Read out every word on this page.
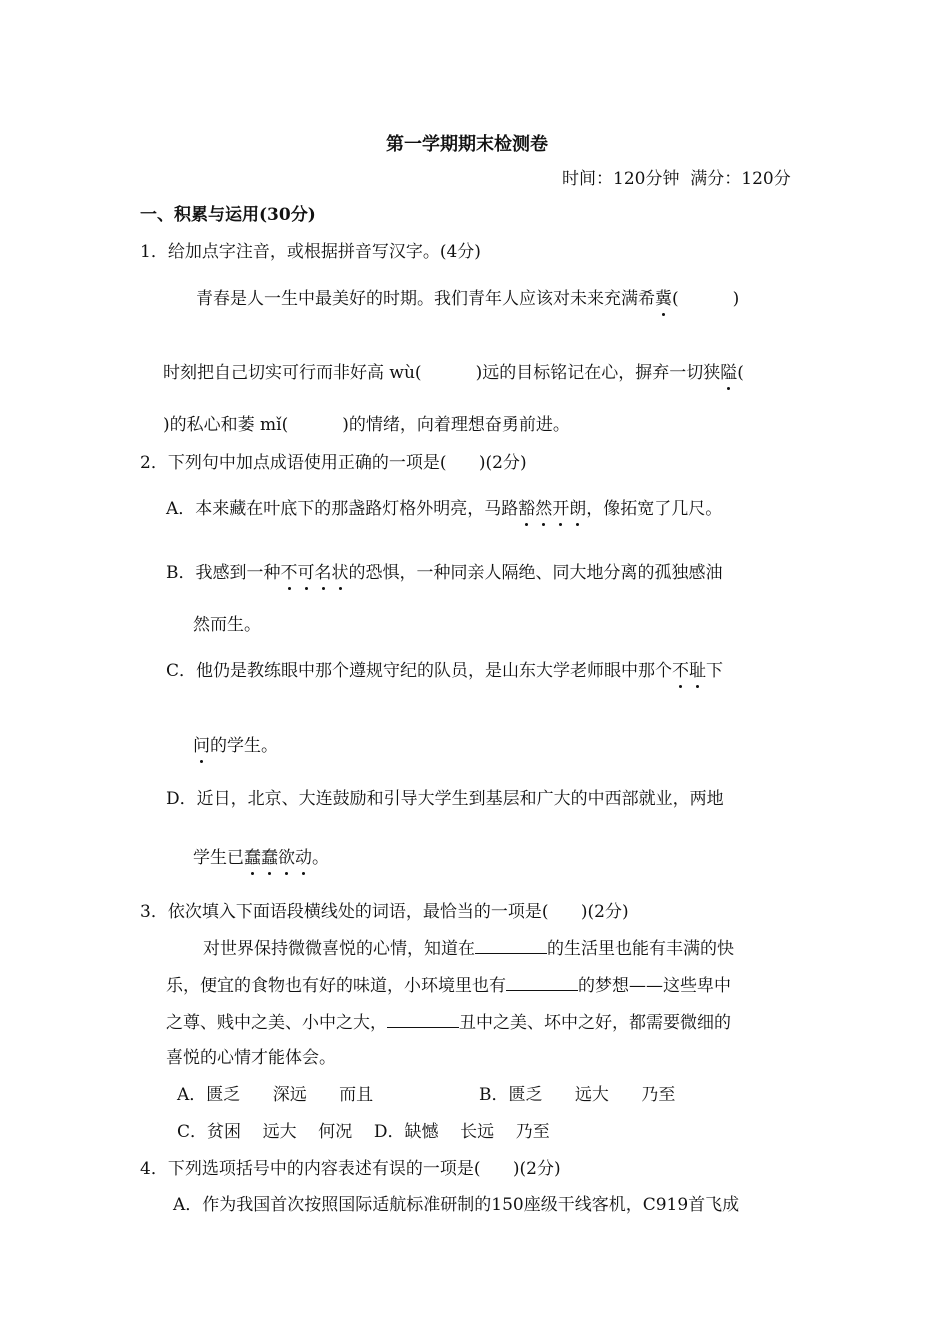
第一学期期末检测卷
时间：120分钟  满分：120分
一、积累与运用(30分)
1．给加点字注音，或根据拼音写汉字。(4分)
青春是人一生中最美好的时期。我们青年人应该对未来充满希冀(          )
时刻把自己切实可行而非好高 wù(          )远的目标铭记在心，摒弃一切狭隘(
)的私心和萎 mǐ(          )的情绪，向着理想奋勇前进。
2．下列句中加点成语使用正确的一项是(      )(2分)
A．本来藏在叶底下的那盏路灯格外明亮，马路豁然开朗，像拓宽了几尺。
B．我感到一种不可名状的恐惧，一种同亲人隔绝、同大地分离的孤独感油
然而生。
C．他仍是教练眼中那个遵规守纪的队员，是山东大学老师眼中那个不耻下
问的学生。
D．近日，北京、大连鼓励和引导大学生到基层和广大的中西部就业，两地
学生已蠢蠢欲动。
3．依次填入下面语段横线处的词语，最恰当的一项是(      )(2分)
对世界保持微微喜悦的心情，知道在	的生活里也能有丰满的快
乐，便宜的食物也有好的味道，小环境里也有	的梦想——这些卑中
之尊、贱中之美、小中之大，	丑中之美、坏中之好，都需要微细的
喜悦的心情才能体会。
A．匮乏      深远      而且	B．匮乏      远大      乃至
C．贫困    远大    何况    D．缺憾    长远    乃至
4．下列选项括号中的内容表述有误的一项是(      )(2分)
A．作为我国首次按照国际适航标准研制的150座级干线客机，C919首飞成
